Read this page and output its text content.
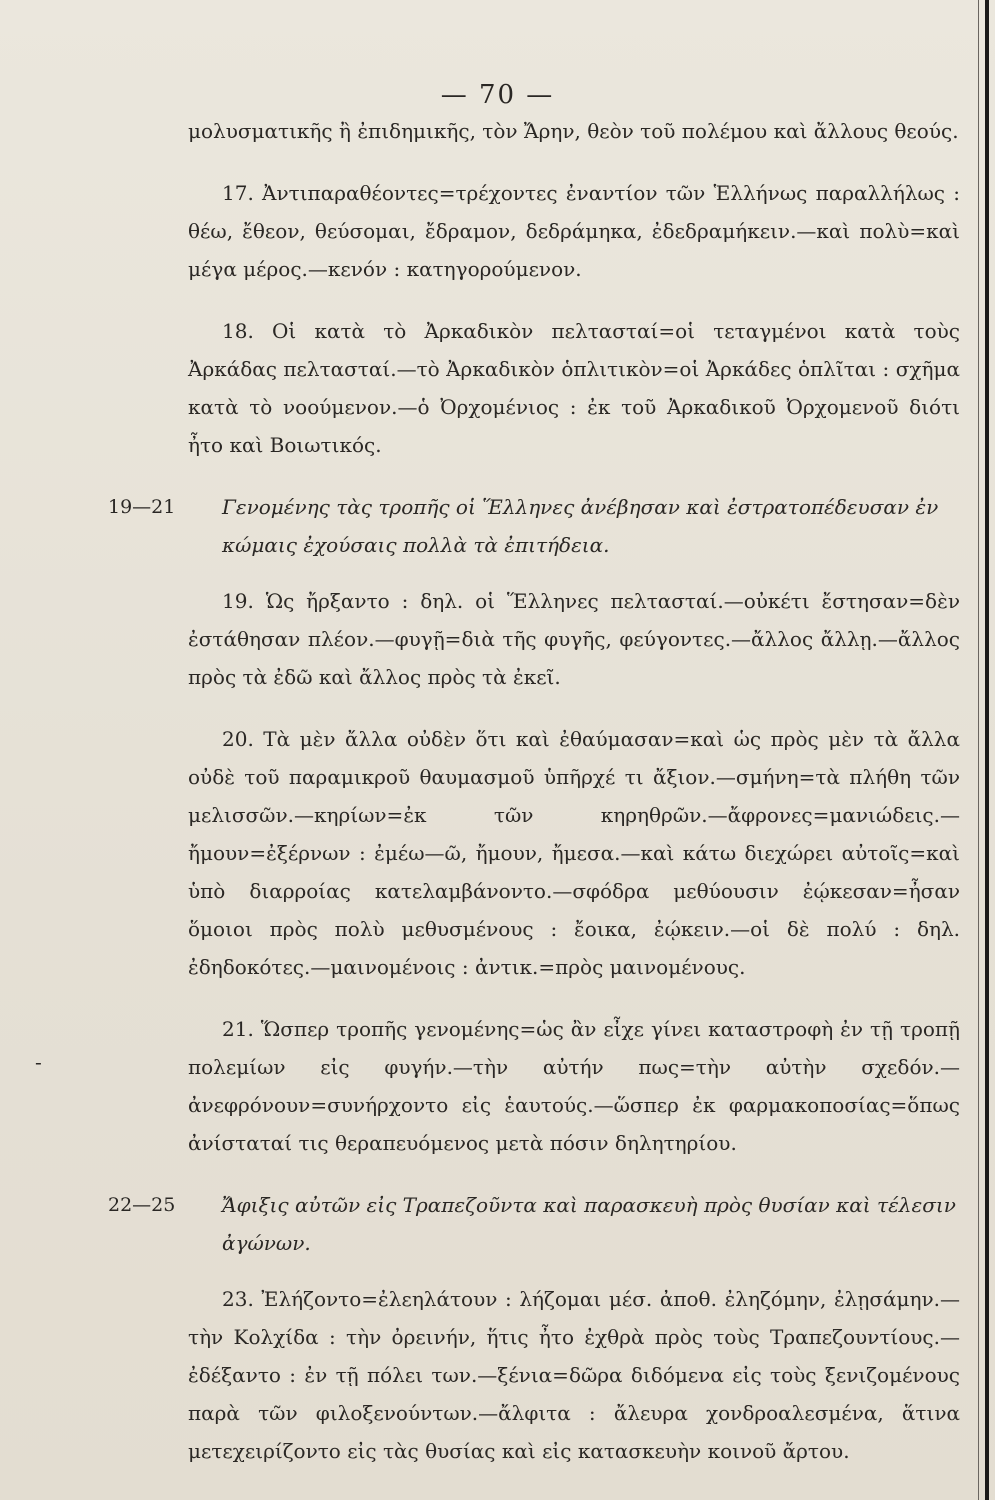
— 70 —

μολυσματικῆς ἢ ἐπιδημικῆς, τὸν Ἄρην, θεὸν τοῦ πολέμου καὶ ἄλλους θεούς.

17. Ἀντιπαραθέοντες=τρέχοντες ἐναντίον τῶν Ἑλλήνως παραλλήλως : θέω, ἔθεον, θεύσομαι, ἔδραμον, δεδράμηκα, ἐδεδραμήκειν.—καὶ πολὺ=καὶ μέγα μέρος.—κενόν : κατηγορούμενον.

18. Οἱ κατὰ τὸ Ἀρκαδικὸν πελτασταί=οἱ τεταγμένοι κατὰ τοὺς Ἀρκάδας πελτασταί.—τὸ Ἀρκαδικὸν ὁπλιτικὸν=οἱ Ἀρκάδες ὁπλῖται : σχῆμα κατὰ τὸ νοούμενον.—ὁ Ὀρχομένιος : ἐκ τοῦ Ἀρκαδικοῦ Ὀρχομενοῦ διότι ἦτο καὶ Βοιωτικός.

19—21 Γενομένης τὰς τροπῆς οἱ Ἕλληνες ἀνέβησαν καὶ ἐστρατοπέδευσαν ἐν κώμαις ἐχούσαις πολλὰ τὰ ἐπιτήδεια.

19. Ὡς ἤρξαντο : δηλ. οἱ Ἕλληνες πελτασταί.—οὐκέτι ἔστησαν=δὲν ἐστάθησαν πλέον.—φυγῇ=διὰ τῆς φυγῆς, φεύγοντες.—ἄλλος ἄλλῃ.—ἄλλος πρὸς τὰ ἐδῶ καὶ ἄλλος πρὸς τὰ ἐκεῖ.

20. Τὰ μὲν ἄλλα οὐδὲν ὅτι καὶ ἐθαύμασαν=καὶ ὡς πρὸς μὲν τὰ ἄλλα οὐδὲ τοῦ παραμικροῦ θαυμασμοῦ ὑπῆρχέ τι ἄξιον.—σμήνη=τὰ πλήθη τῶν μελισσῶν.—κηρίων=ἐκ τῶν κηρηθρῶν.—ἄφρονες=μανιώδεις.—ἤμουν=ἐξέρνων : ἐμέω—ῶ, ἤμουν, ἤμεσα.—καὶ κάτω διεχώρει αὐτοῖς=καὶ ὑπὸ διαρροίας κατελαμβάνοντο.—σφόδρα μεθύουσιν ἐῴκεσαν=ἦσαν ὅμοιοι πρὸς πολὺ μεθυσμένους : ἔοικα, ἐῴκειν.—οἱ δὲ πολύ : δηλ. ἐδηδοκότες.—μαινομένοις : ἀντικ.=πρὸς μαινομένους.

21. Ὥσπερ τροπῆς γενομένης=ὡς ἂν εἶχε γίνει καταστροφὴ ἐν τῇ τροπῇ πολεμίων εἰς φυγήν.—τὴν αὐτήν πως=τὴν αὐτὴν σχεδόν.—ἀνεφρόνουν=συνήρχοντο εἰς ἑαυτούς.—ὥσπερ ἐκ φαρμακοποσίας=ὅπως ἀνίσταταί τις θεραπευόμενος μετὰ πόσιν δηλητηρίου.

22—25 Ἄφιξις αὐτῶν εἰς Τραπεζοῦντα καὶ παρασκευὴ πρὸς θυσίαν καὶ τέλεσιν ἀγώνων.

23. Ἐλήζοντο=ἐλεηλάτουν : λήζομαι μέσ. ἀποθ. ἐληζόμην, ἐλῃσάμην.—τὴν Κολχίδα : τὴν ὀρεινήν, ἥτις ἦτο ἐχθρὰ πρὸς τοὺς Τραπεζουντίους.—ἐδέξαντο : ἐν τῇ πόλει των.—ξένια=δῶρα διδόμενα εἰς τοὺς ξενιζομένους παρὰ τῶν φιλοξενούντων.—ἄλφιτα : ἄλευρα χονδροαλεσμένα, ἅτινα μετεχειρίζοντο εἰς τὰς θυσίας καὶ εἰς κατασκευὴν κοινοῦ ἄρτου.

-
